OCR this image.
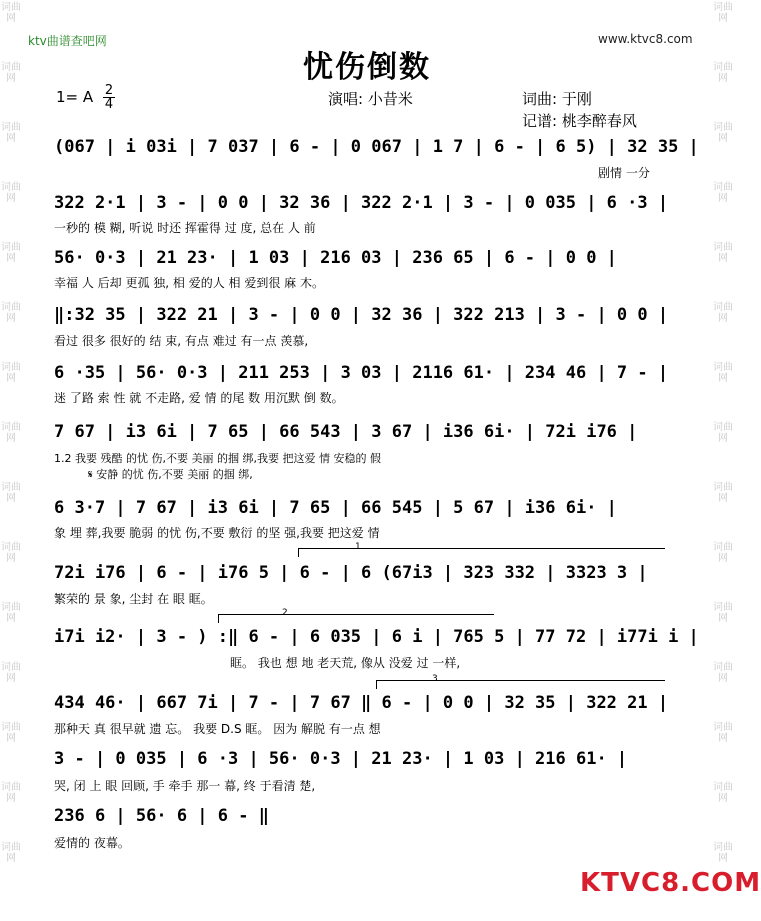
词曲网
词曲网
词曲网
词曲网
词曲网
词曲网
词曲网
词曲网
词曲网
词曲网
词曲网
词曲网
词曲网
词曲网
词曲网
词曲网
词曲网
词曲网
词曲网
词曲网
词曲网
词曲网
词曲网
词曲网
词曲网
词曲网
词曲网
词曲网
词曲网
词曲网
ktv曲谱查吧网	www.ktvc8.com
忧伤倒数
1= A 2
4	演唱: 小昔米	词曲: 于刚
记谱: 桃李醉春风
(067 | i 03i | 7 037 | 6 - | 0 067 | 1 7 | 6 - | 6 5) | 32 35 |
剧情 一分
322 2·1 | 3 - | 0 0 | 32 36 | 322 2·1 | 3 - | 0 035 | 6 ·3 |
一秒的 模 糊, 听说 时还 挥霍得 过 度, 总在 人 前
56· 0·3 | 21 23· | 1 03 | 216 03 | 236 65 | 6 - | 0 0 |
幸福 人 后却 更孤 独, 相 爱的人 相 爱到很 麻 木。
‖:32 35 | 322 21 | 3 - | 0 0 | 32 36 | 322 213 | 3 - | 0 0 |
看过 很多 很好的 结 束, 有点 难过 有一点 羡慕,
6 ·35 | 56· 0·3 | 211 253 | 3 03 | 2116 61· | 234 46 | 7 - |
迷 了路 索 性 就 不走路, 爱 情 的尾 数 用沉默 倒 数。
7 67 | i3 6i | 7 65 | 66 543 | 3 67 | i36 6i· | 72i i76 |
1.2 我要 残酷 的忧 伤,不要 美丽 的掴 绑,我要 把这爱 情 安稳的 假
𝄋 安静 的忧 伤,不要 美丽 的掴 绑,
6 3·7 | 7 67 | i3 6i | 7 65 | 66 545 | 5 67 | i36 6i· |
象 埋 葬,我要 脆弱 的忧 伤,不要 敷衍 的坚 强,我要 把这爱 情
1
72i i76 | 6 - | i76 5 | 6 - | 6 (67i3 | 323 332 | 3323 3 |
繁荣的 景 象, 尘封 在 眼 眶。
2
i7i i2· | 3 - ) :‖ 6 - | 6 035 | 6 i | 765 5 | 77 72 | i77i i |
眶。 我也 想 地 老天荒, 像从 没爱 过 一样,
3
434 46· | 667 7i | 7 - | 7 67 ‖ 6 - | 0 0 | 32 35 | 322 21 |
那种天 真 很早就 遗 忘。 我要 D.S 眶。 因为 解脱 有一点 想
3 - | 0 035 | 6 ·3 | 56· 0·3 | 21 23· | 1 03 | 216 61· |
哭, 闭 上 眼 回顾, 手 牵手 那一 幕, 终 于看清 楚,
236 6 | 56· 6 | 6 - ‖
爱情的 夜幕。
KTVC8.COM
